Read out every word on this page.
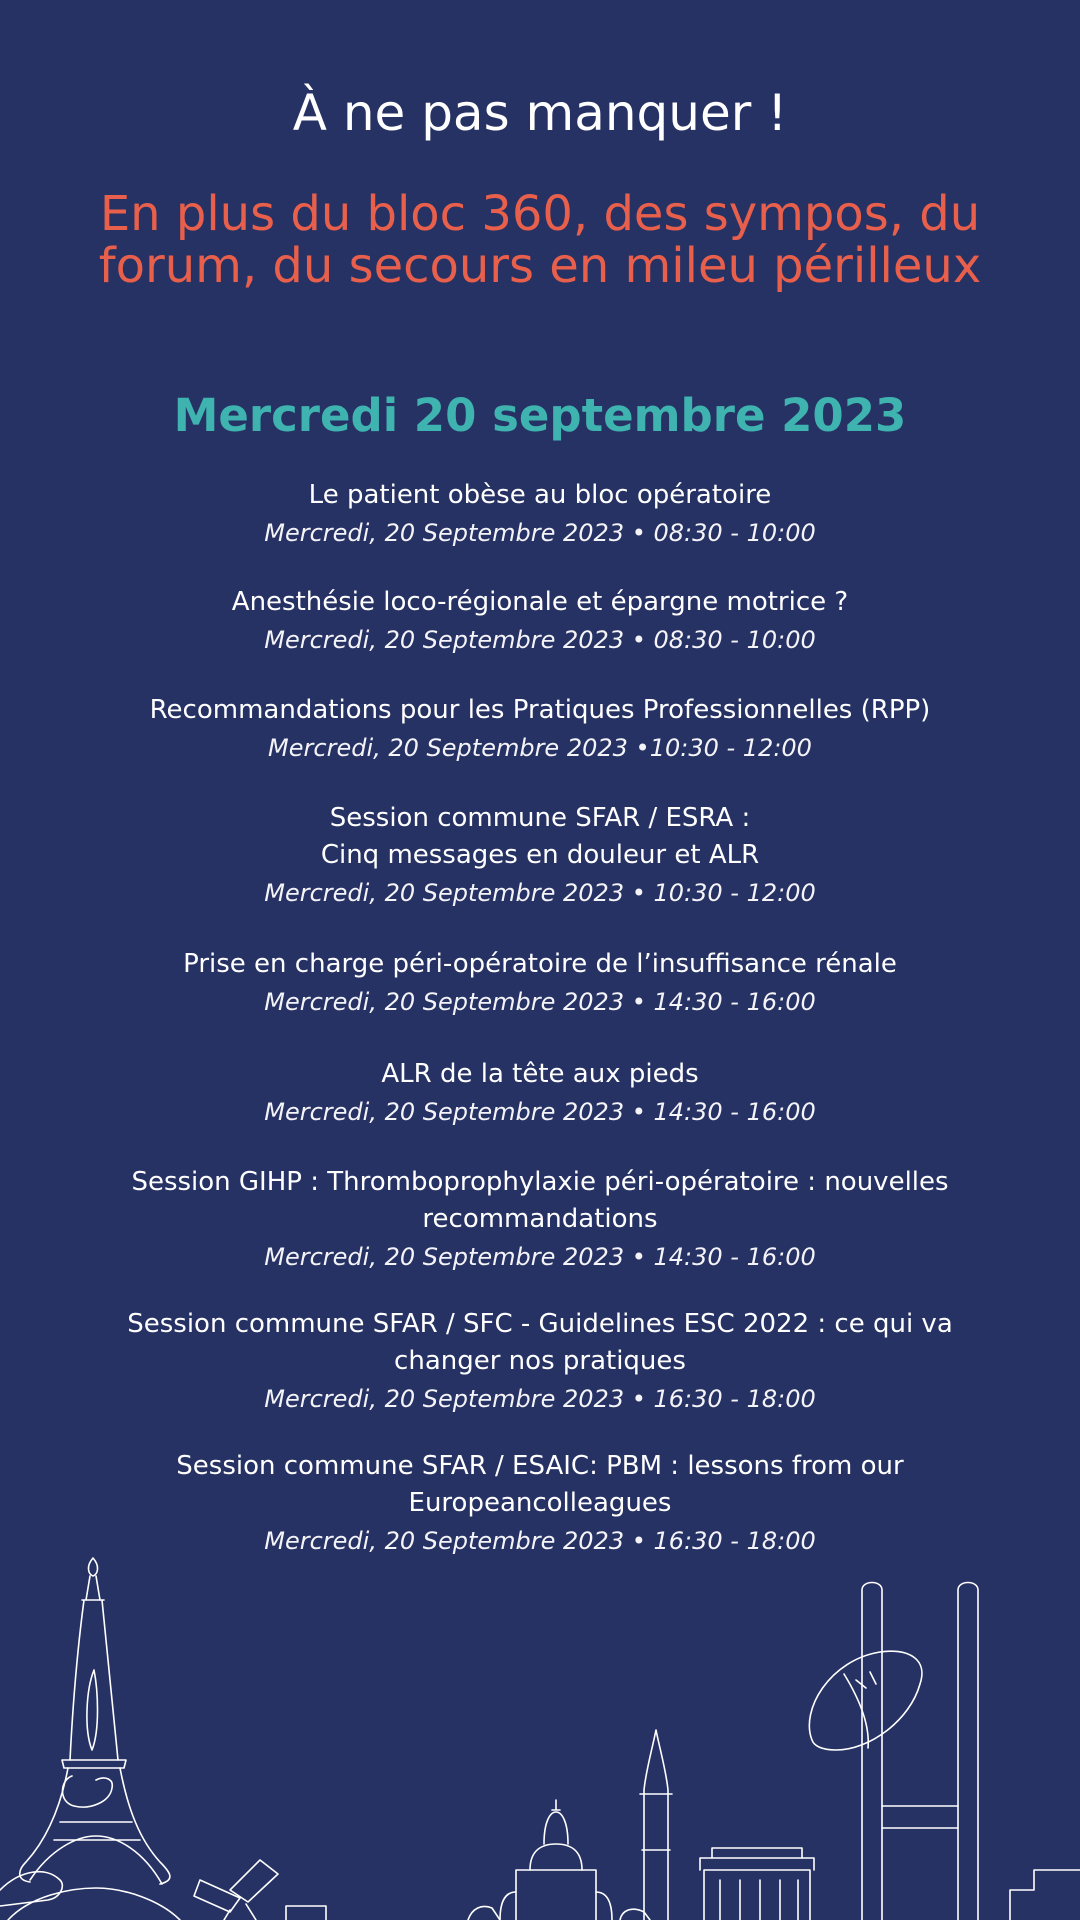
À ne pas manquer !
En plus du bloc 360, des sympos, du forum, du secours en mileu périlleux
Mercredi 20 septembre 2023

Le patient obèse au bloc opératoire

Mercredi, 20 Septembre 2023 • 08:30 - 10:00

Anesthésie loco-régionale et épargne motrice ?

Mercredi, 20 Septembre 2023 • 08:30 - 10:00

Recommandations pour les Pratiques Professionnelles (RPP)

Mercredi, 20 Septembre 2023 •10:30 - 12:00

Session commune SFAR / ESRA :
Cinq messages en douleur et ALR

Mercredi, 20 Septembre 2023 • 10:30 - 12:00

Prise en charge péri-opératoire de l’insuffisance rénale

Mercredi, 20 Septembre 2023 • 14:30 - 16:00

ALR de la tête aux pieds

Mercredi, 20 Septembre 2023 • 14:30 - 16:00

Session GIHP : Thromboprophylaxie péri-opératoire : nouvelles recommandations

Mercredi, 20 Septembre 2023 • 14:30 - 16:00

Session commune SFAR / SFC - Guidelines ESC 2022 : ce qui va changer nos pratiques

Mercredi, 20 Septembre 2023 • 16:30 - 18:00

Session commune SFAR / ESAIC: PBM : lessons from our Europeancolleagues

Mercredi, 20 Septembre 2023 • 16:30 - 18:00
